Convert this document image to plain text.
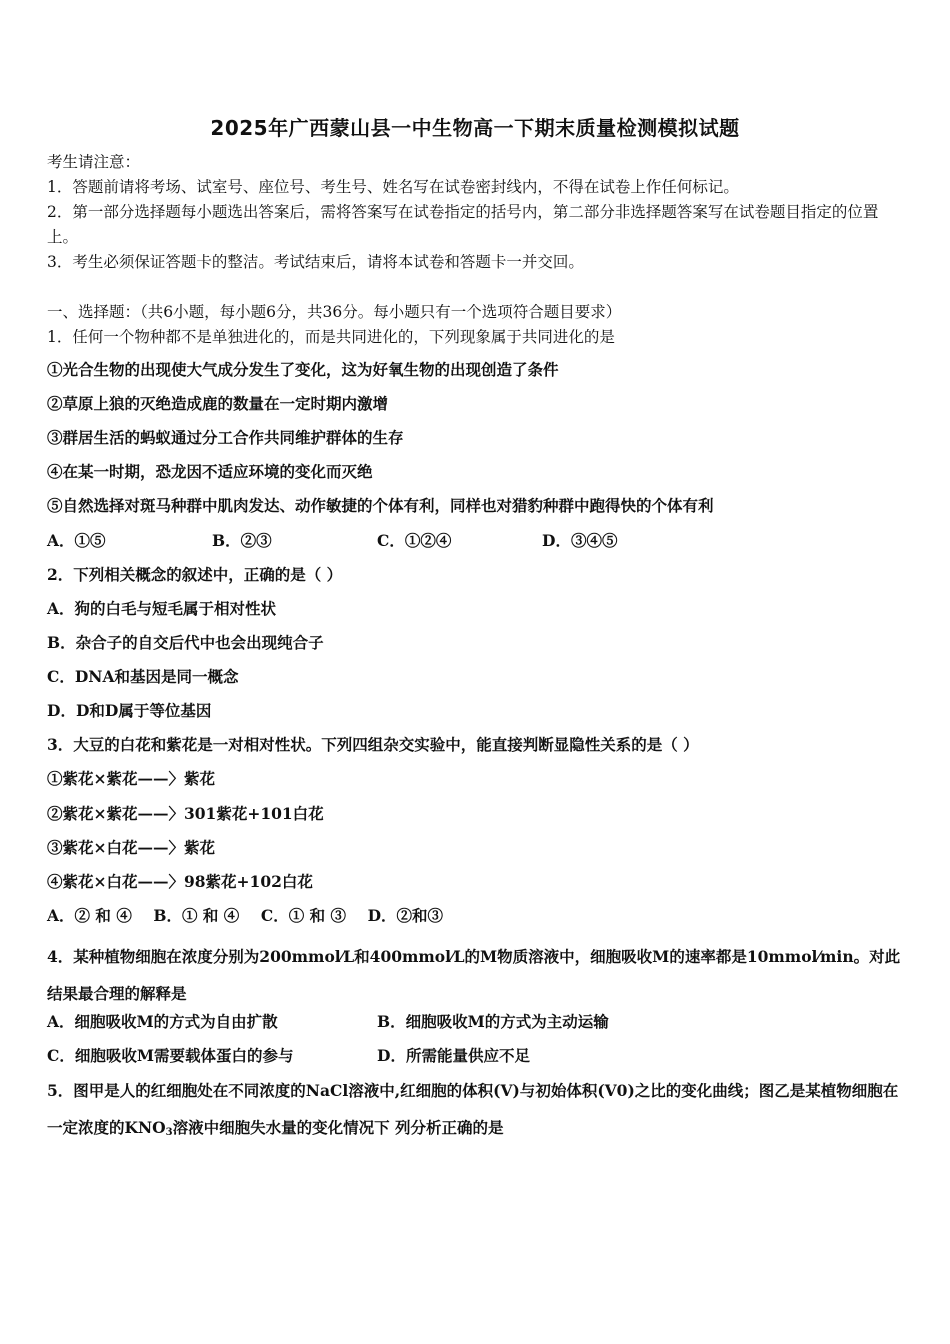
2025年广西蒙山县一中生物高一下期末质量检测模拟试题
考生请注意：
1．答题前请将考场、试室号、座位号、考生号、姓名写在试卷密封线内，不得在试卷上作任何标记。
2．第一部分选择题每小题选出答案后，需将答案写在试卷指定的括号内，第二部分非选择题答案写在试卷题目指定的位置上。
3．考生必须保证答题卡的整洁。考试结束后，请将本试卷和答题卡一并交回。
一、选择题：（共6小题，每小题6分，共36分。每小题只有一个选项符合题目要求）
1．任何一个物种都不是单独进化的，而是共同进化的，下列现象属于共同进化的是
①光合生物的出现使大气成分发生了变化，这为好氧生物的出现创造了条件
②草原上狼的灭绝造成鹿的数量在一定时期内激增
③群居生活的蚂蚁通过分工合作共同维护群体的生存
④在某一时期，恐龙因不适应环境的变化而灭绝
⑤自然选择对斑马种群中肌肉发达、动作敏捷的个体有利，同样也对猎豹种群中跑得快的个体有利
A．①⑤	B．②③	C．①②④	D．③④⑤
2．下列相关概念的叙述中，正确的是（ ）
A．狗的白毛与短毛属于相对性状
B．杂合子的自交后代中也会出现纯合子
C．DNA和基因是同一概念
D．D和D属于等位基因
3．大豆的白花和紫花是一对相对性状。下列四组杂交实验中，能直接判断显隐性关系的是（ ）
①紫花×紫花——〉紫花
②紫花×紫花——〉301紫花+101白花
③紫花×白花——〉紫花
④紫花×白花——〉98紫花+102白花
A．② 和 ④    B．① 和 ④    C．① 和 ③    D．②和③
4．某种植物细胞在浓度分别为200mmol⁄L和400mmol⁄L的M物质溶液中，细胞吸收M的速率都是10mmol⁄min。对此结果最合理的解释是
A．细胞吸收M的方式为自由扩散	B．细胞吸收M的方式为主动运输
C．细胞吸收M需要载体蛋白的参与	D．所需能量供应不足
5．图甲是人的红细胞处在不同浓度的NaCl溶液中,红细胞的体积(V)与初始体积(V0)之比的变化曲线；图乙是某植物细胞在一定浓度的$KNO_3$溶液中细胞失水量的变化情况下 列分析正确的是
